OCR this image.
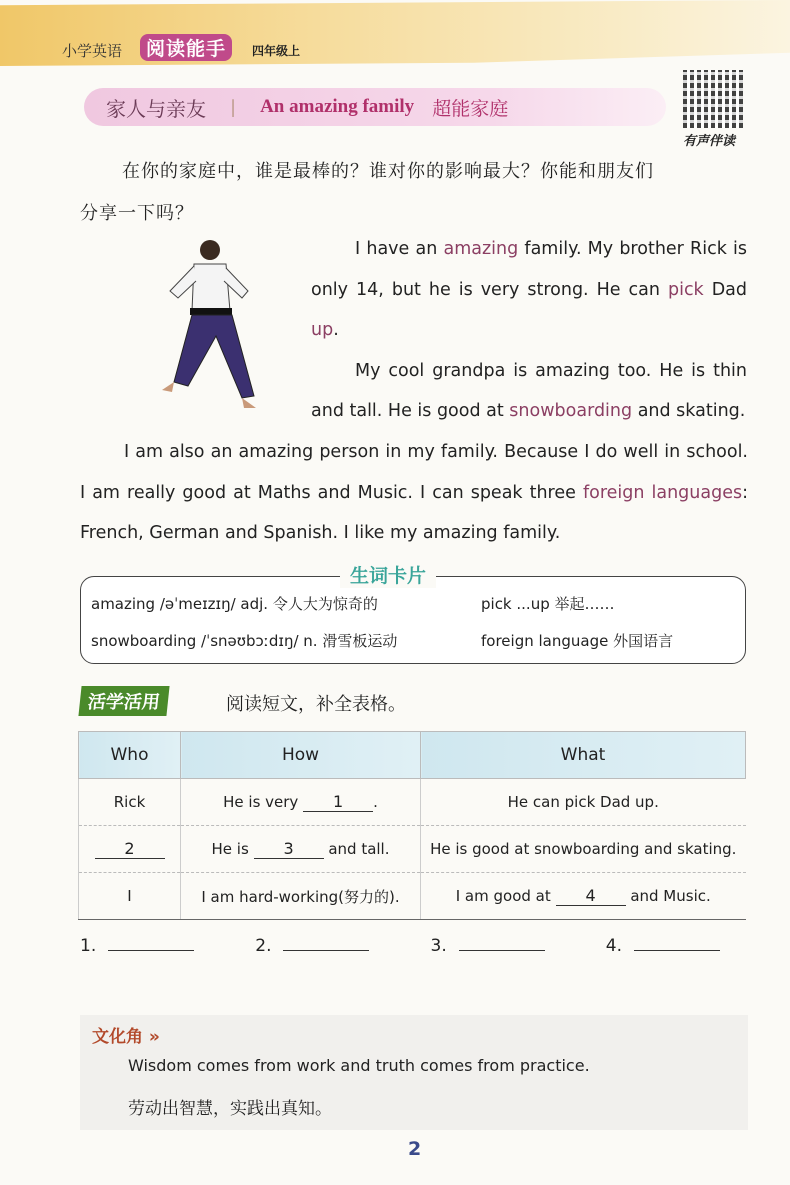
小学英语	阅读能手	四年级上
家人与亲友 | An amazing family 超能家庭
有声伴读
在你的家庭中，谁是最棒的？谁对你的影响最大？你能和朋友们
分享一下吗？
I have an amazing family. My brother Rick is only 14, but he is very strong. He can pick Dad up.
My cool grandpa is amazing too. He is thin and tall. He is good at snowboarding and skating.
I am also an amazing person in my family. Because I do well in school. I am really good at Maths and Music. I can speak three foreign languages: French, German and Spanish. I like my amazing family.
amazing /əˈmeɪzɪŋ/ adj. 令人大为惊奇的	pick ...up 举起……
snowboarding /ˈsnəʊbɔːdɪŋ/ n. 滑雪板运动	foreign language 外国语言
生词卡片
活学活用	阅读短文，补全表格。
Who	How	What
Rick	He is very 1 .	He can pick Dad up.
2	He is 3 and tall.	He is good at snowboarding and skating.
I	I am hard-working(努力的).	I am good at 4 and Music.
1.	2.	3.	4.
文化角 »
Wisdom comes from work and truth comes from practice.
劳动出智慧，实践出真知。
2
